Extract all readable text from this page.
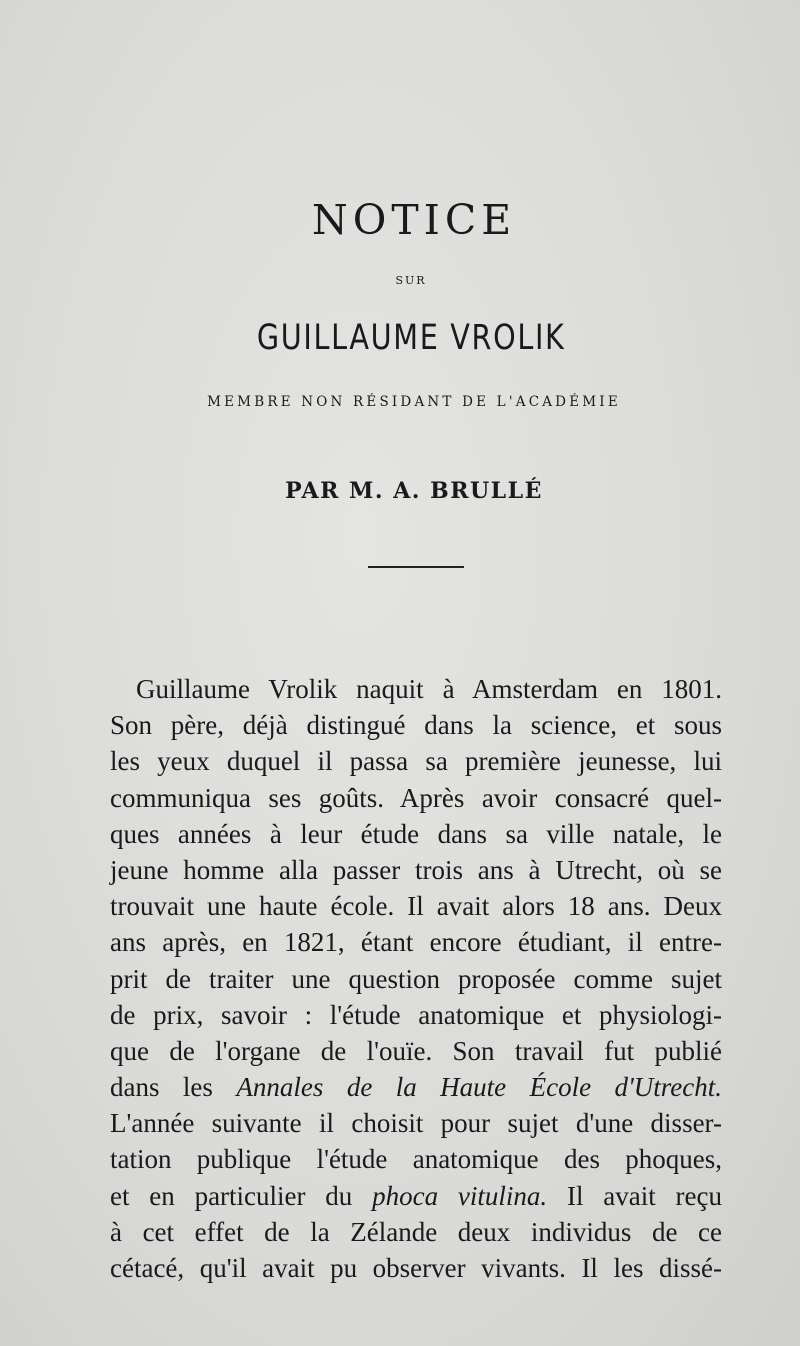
NOTICE
SUR
GUILLAUME VROLIK
MEMBRE NON RÉSIDANT DE L'ACADÉMIE
PAR M. A. BRULLÉ
Guillaume Vrolik naquit à Amsterdam en 1801.
Son père, déjà distingué dans la science, et sous
les yeux duquel il passa sa première jeunesse, lui
communiqua ses goûts. Après avoir consacré quel-
ques années à leur étude dans sa ville natale, le
jeune homme alla passer trois ans à Utrecht, où se
trouvait une haute école. Il avait alors 18 ans. Deux
ans après, en 1821, étant encore étudiant, il entre-
prit de traiter une question proposée comme sujet
de prix, savoir : l'étude anatomique et physiologi-
que de l'organe de l'ouïe. Son travail fut publié
dans les Annales de la Haute École d'Utrecht.
L'année suivante il choisit pour sujet d'une disser-
tation publique l'étude anatomique des phoques,
et en particulier du phoca vitulina. Il avait reçu
à cet effet de la Zélande deux individus de ce
cétacé, qu'il avait pu observer vivants. Il les dissé-
